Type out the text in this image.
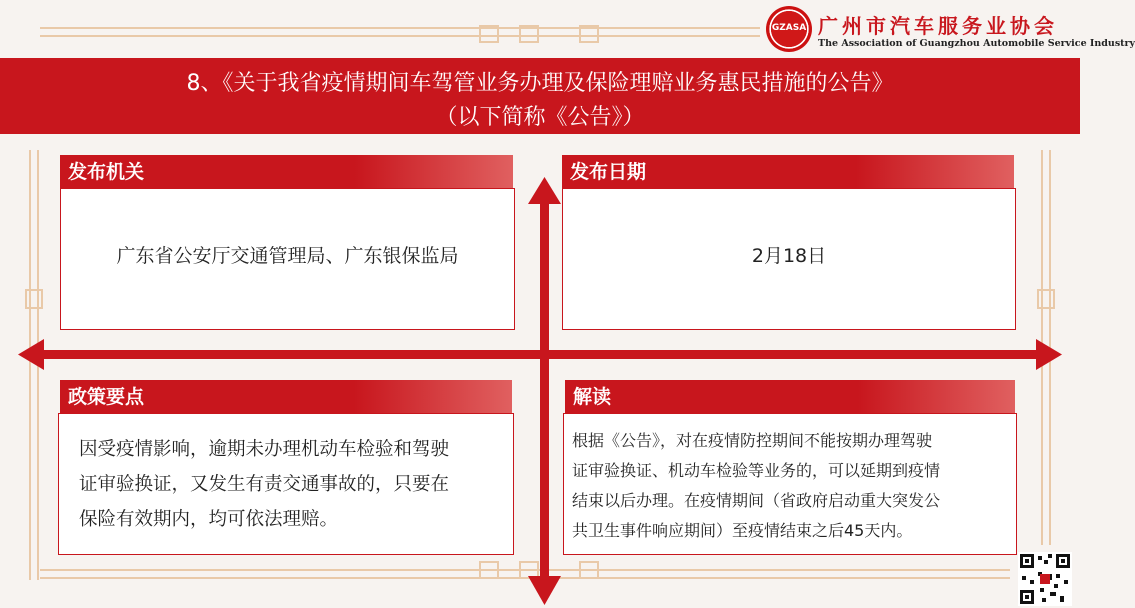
GZASA 广州市汽车服务业协会
The Association of Guangzhou Automobile Service Industry
8、《关于我省疫情期间车驾管业务办理及保险理赔业务惠民措施的公告》
（以下简称《公告》）
发布机关
广东省公安厅交通管理局、广东银保监局
发布日期
2月18日
政策要点
因受疫情影响，逾期未办理机动车检验和驾驶
证审验换证，又发生有责交通事故的，只要在
保险有效期内，均可依法理赔。
解读
根据《公告》，对在疫情防控期间不能按期办理驾驶
证审验换证、机动车检验等业务的，可以延期到疫情
结束以后办理。在疫情期间（省政府启动重大突发公
共卫生事件响应期间）至疫情结束之后45天内。
